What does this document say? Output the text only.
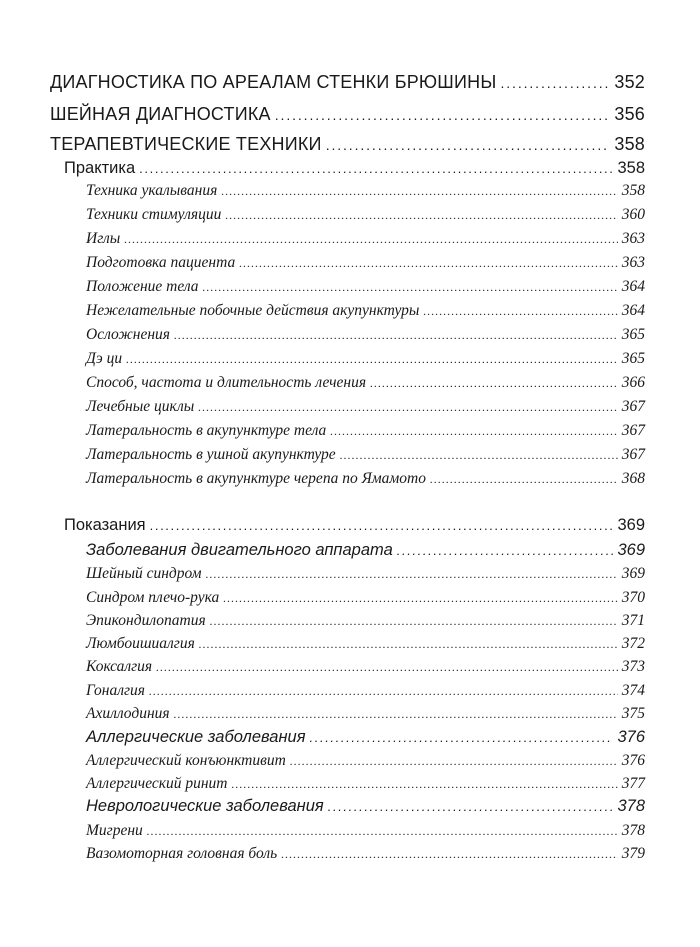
ДИАГНОСТИКА ПО АРЕАЛАМ СТЕНКИ БРЮШИНЫ . . .	352
ШЕЙНАЯ ДИАГНОСТИКА . . .	356
ТЕРАПЕВТИЧЕСКИЕ ТЕХНИКИ . . .	358
Практика . . .	358
Техника укалывания . . .	358
Техники стимуляции . . .	360
Иглы . . .	363
Подготовка пациента . . .	363
Положение тела . . .	364
Нежелательные побочные действия акупунктуры . . .	364
Осложнения . . .	365
Дэ ци . . .	365
Способ, частота и длительность лечения . . .	366
Лечебные циклы . . .	367
Латеральность в акупунктуре тела . . .	367
Латеральность в ушной акупунктуре . . .	367
Латеральность в акупунктуре черепа по Ямамото . . .	368
Показания . . .	369
Заболевания двигательного аппарата . . .	369
Шейный синдром . . .	369
Синдром плечо-рука . . .	370
Эпикондилопатия . . .	371
Люмбоишиалгия . . .	372
Коксалгия . . .	373
Гоналгия . . .	374
Ахиллодиния . . .	375
Аллергические заболевания . . .	376
Аллергический конъюнктивит . . .	376
Аллергический ринит . . .	377
Неврологические заболевания . . .	378
Мигрени . . .	378
Вазомоторная головная боль . . .	379
